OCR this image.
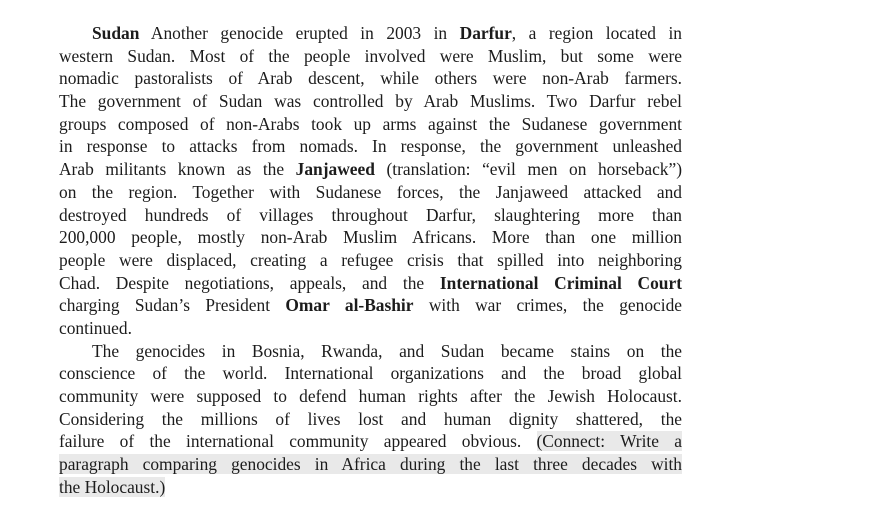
Sudan Another genocide erupted in 2003 in Darfur, a region located in
western Sudan. Most of the people involved were Muslim, but some were
nomadic pastoralists of Arab descent, while others were non-Arab farmers.
The government of Sudan was controlled by Arab Muslims. Two Darfur rebel
groups composed of non-Arabs took up arms against the Sudanese government
in response to attacks from nomads. In response, the government unleashed
Arab militants known as the Janjaweed (translation: “evil men on horseback”)
on the region. Together with Sudanese forces, the Janjaweed attacked and
destroyed hundreds of villages throughout Darfur, slaughtering more than
200,000 people, mostly non-Arab Muslim Africans. More than one million
people were displaced, creating a refugee crisis that spilled into neighboring
Chad. Despite negotiations, appeals, and the International Criminal Court
charging Sudan’s President Omar al-Bashir with war crimes, the genocide
continued.
The genocides in Bosnia, Rwanda, and Sudan became stains on the
conscience of the world. International organizations and the broad global
community were supposed to defend human rights after the Jewish Holocaust.
Considering the millions of lives lost and human dignity shattered, the
failure of the international community appeared obvious. (Connect: Write a
paragraph comparing genocides in Africa during the last three decades with
the Holocaust.)
